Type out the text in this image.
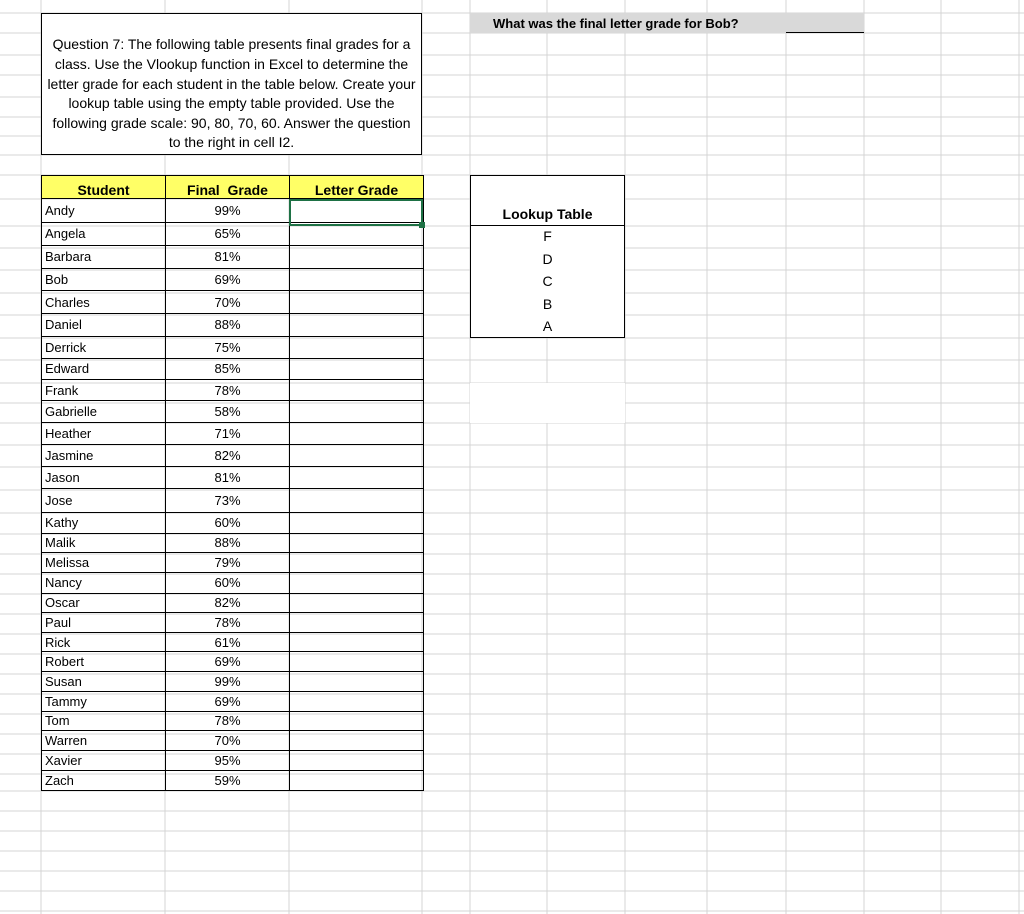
Question 7: The following table presents final grades for a class. Use the Vlookup function in Excel to determine the letter grade for each student in the table below. Create your lookup table using the empty table provided. Use the following grade scale: 90, 80, 70, 60. Answer the question to the right in cell I2.

What was the final letter grade for Bob?
Student	Final  Grade	Letter Grade
Andy	99%	
Angela	65%	
Barbara	81%	
Bob	69%	
Charles	70%	
Daniel	88%	
Derrick	75%	
Edward	85%	
Frank	78%	
Gabrielle	58%	
Heather	71%	
Jasmine	82%	
Jason	81%	
Jose	73%	
Kathy	60%	
Malik	88%	
Melissa	79%	
Nancy	60%	
Oscar	82%	
Paul	78%	
Rick	61%	
Robert	69%	
Susan	99%	
Tammy	69%	
Tom	78%	
Warren	70%	
Xavier	95%	
Zach	59%	
Lookup Table
F
D
C
B
A
